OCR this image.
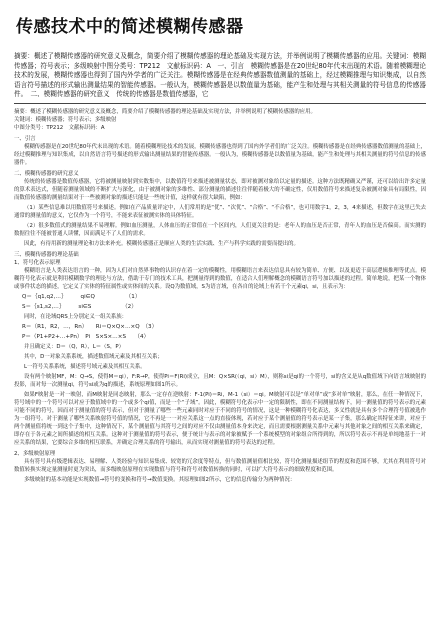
传感技术中的简述模糊传感器

摘要：概述了模糊传感器的研究意义及概念，简要介绍了模糊传感器的理论基础及实现方法，并举例说明了模糊传感器的应用。关键词：模糊传感器；符号表示；多级映射中图分类号：TP212　文献标识码：A　一、引言　模糊传感器是在20世纪80年代末出现的术语。随着模糊理论技术的发展，模糊传感器也得到了国内外学者的广泛关注。模糊传感器是在经典传感器数值测量的基础上，经过模糊推理与知识集成，以自然语言符号描述的形式输出测量结果的智能传感器。一般认为，模糊传感器是以数值量为基础，能产生和处理与其相关测量的符号信息的传感器件。　二、模糊传感器的研究意义　传统的传感器是数值传感器，它

摘要：概述了模糊传感器的研究意义及概念，简要介绍了模糊传感器的理论基础及实现方法，并举例说明了模糊传感器的应用。

关键词：模糊传感器；符号表示；多级映射

中图分类号：TP212　文献标识码：A

一、引言

模糊传感器是在20世纪80年代末出现的术语。随着模糊理论技术的发展，模糊传感器也得到了国内外学者们的广泛关注。模糊传感器是在经典传感器数值测量的基础上，经过模糊推理与知识集成，以自然语言符号描述的形式输出测量结果的智能传感器。一般认为，模糊传感器是以数值量为基础，能产生和处理与其相关测量的符号信息的传感器件。

二、模糊传感器的研究意义

传统的传感器是数值传感器，它将被测量映射到实数集中，以数值符号来描述被测量状态，即对被测对象给以定量的描述。这种方法既精确又严谨，还可以给出许多定量的算术表达式，但随着测量领域的不断扩大与深化，由于被测对象的多维性、部分测量的描述往往伴随着极大的不确定性，仅用数值符号来描述复杂被测对象具有局限性，因而数值传感器的测量结果对于一些被测对象的描述只能是一些统计值，这样就有很大缺陷，例如：

（1）某些信息难以用数值符号来描述。例如在产品质量评定中，人们常用的是“优”、“次优”、“合格”、“不合格”，也可用数字1，2，3，4来描述，但数字在这里已失去通常的测量值的意义，它仅作为一个符号，不能来表征被测实体的具体特征。

（2）很多数值式的测量结果不易理解。例如血压测量，人体血压的正常值在一个区间内，人们更关注的是：老年人的血压是否正常，青年人的血压是否偏高。而实测的数据往往不能被普通人读懂，因而满足不了人们的需求。

因此，有待用新的测量理论和方法来补充。模糊传感器正是顺应人类的生活实践、生产与科学实践的需要而提出的。

三、模糊传感器的理论基础

1、符号化表示原理

模糊语言是人类表达语言的一种，因为人们对自然界事物的认识存在着一定的模糊性，用模糊语言来表达信息具有较为简单、方便、以及更适于高层逻辑推理等优点。模糊符号化表示就是利用模糊数学的理论与方法，借助于专门的技术工具，把测量得到的数值，在适合人们理解概念的模糊语言符号加以描述的过程。简单地说，把某一个物体或事件状态的描述，它定义了实体的特征属性或实体间的关系。设Q为数值域，S为语言域，在各自的论域上有若干个元素qi，si，且表示为：

Q＝｛q1,q2,…｝　　　qi∈Q　　　　　　（1）
S＝｛s1,s2,…｝　　　si∈S　　　　　　（2）

同时，在论域QRS上分别定义一组关系族：

R＝（R1，R2，…，Rn）　　Ri＝Q×Q×…×Q　（3）
P＝（P1+P2+…+Pn）　Pi　S×S×…×S　　（4）

并且确定义：D＝（Q，R），L＝（S，P）

其中，D一对象关系系统，描述数值域元素及其相互关系；

L一符号关系系统，描述符号域元素及其相互关系。

设有两个映射MF，M：Q→S，使得M＝qi），F:R→P，使得Pi＝F(Ri)成立，且M：Q×SR(（qi，si）M），则称si是qi的一个符号，si的含义是从q数值域下向语言域映射的投影，而对每一次测量qi，符号si或为q的描述，系统原理如图1所示。

如果F映射是一对一映射，而M映射是同态映射，那么一定存在逆映射：F-1(Pi)＝Ri，M-1（si）＝qi。M映射可以是“单对单”或“多对单”映射，那么，在任一种情况下，符号域中的一个符号可以对应于数值域中的一个或多个qi值，而是一个“子域”。因此，模糊符号化表示中一定的限制性，即在不同测量结构下，同一测量值的符号表示的元素可能不同的符号，因而对于测量值的符号表示，但对于测量了哪些一些元素同时对应于不同的符号的情况，这是一种模糊符号化表达，多义性就是具有多个合理符号值被选作为一组符号。对于测量了哪些关系映射符号值的情况，它不再是一一对应关系这一点的直接体现，若对应于某个测量值的符号表示是某一子集，那么确定其特征来讲，对应于两个测量值将统一到这个子集中，这种情况下，某个测量值与其符号之间的对应不仅由测量值本身来决定，而且需要根据测量关系中元素与其他对象之间的相互关系来确定，即存在于各元素之间所描述的相互关系。这种对于测量值的符号表示，便于统计与表示的对象被赋予一个系统模型的对象组合所得到的，所以符号表示不再是单纯地基于一对应关系的结果，它要综合多维的相互联系，并确定合理关系的符号输出，从而实现对测量值的符号表达的过程。

2、多级映射原理

具有符号具有级逻辑表达、易理解、人类经验与知识易集成、较宽的冗余度等特点，但与数值测量值相比较，符号化测量描述组节的程度和范围不够，尤其在利用符号对数值转换实现定量测量时更为突出，而多级映射原理在实现数值与符号和符号对数值转换的同时，可以扩大符号表示的细致程度和范围。

多级映射的基本功能是实现数值→符号的变换和符号→数值变换。其原理如图2所示，它的信息传输分为两种情况：
